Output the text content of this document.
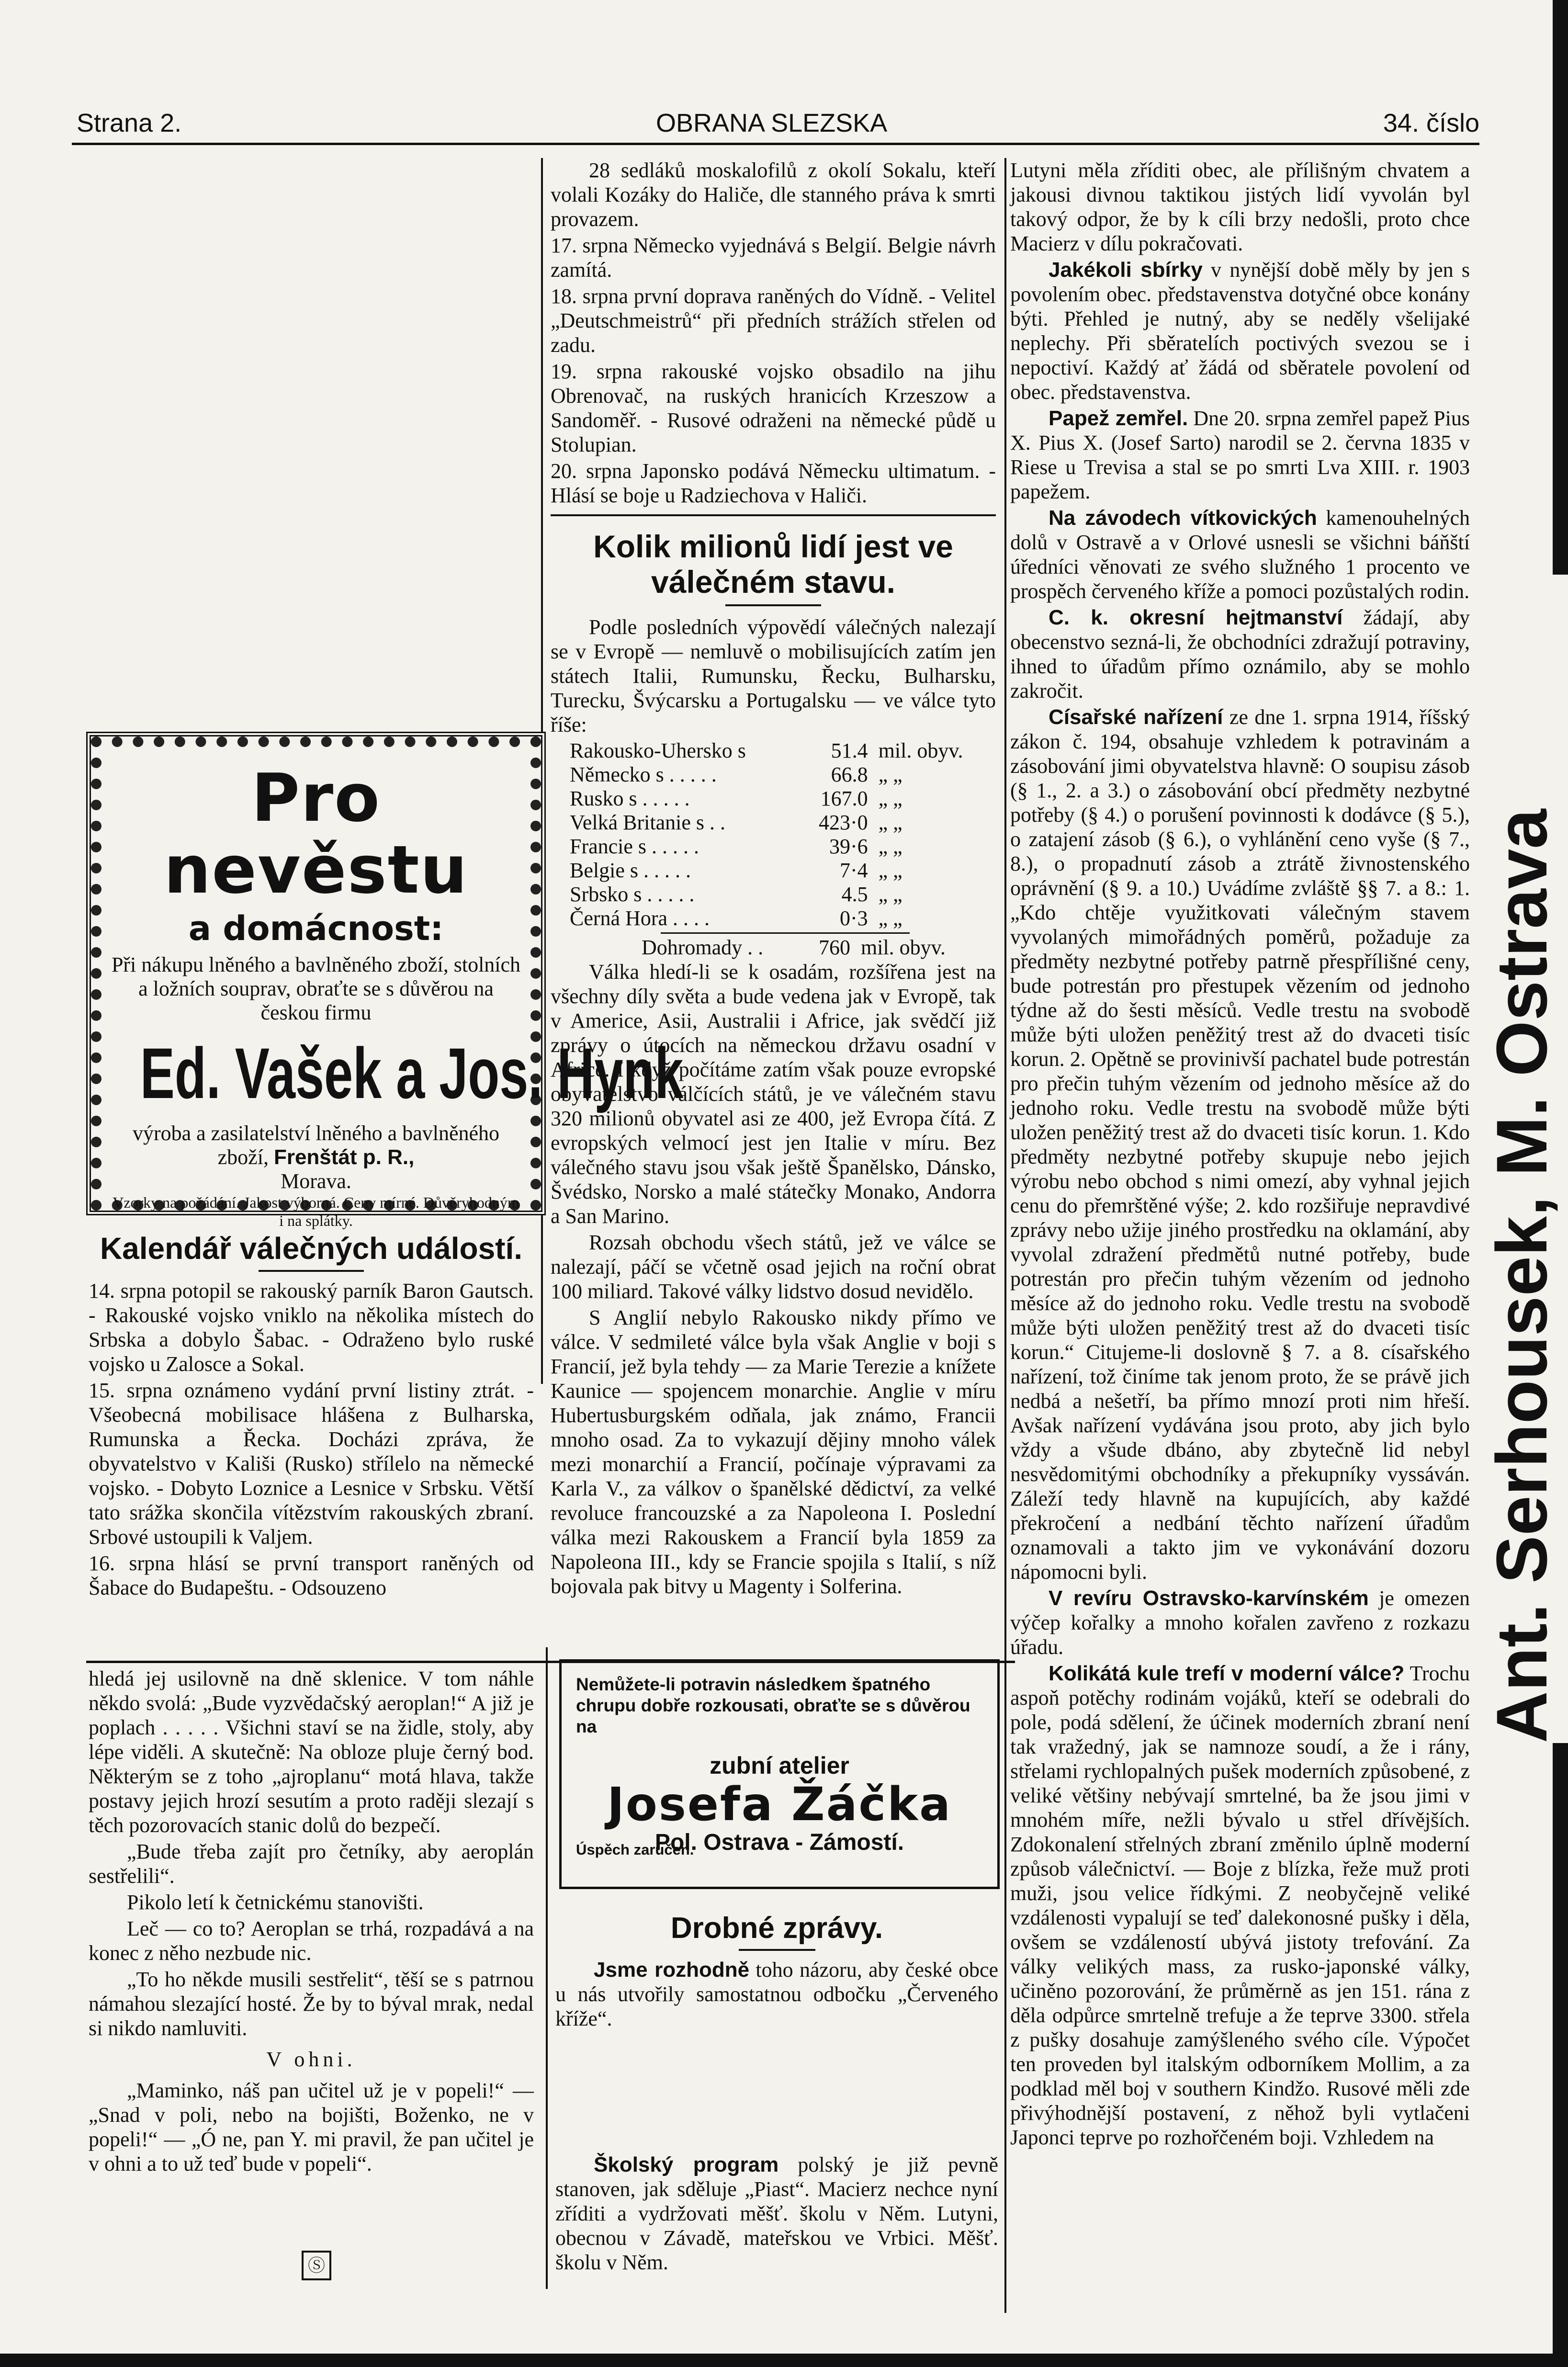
Strana 2.	OBRANA SLEZSKA	34. číslo

28 sedláků moskalofilů z okolí Sokalu, kteří volali Kozáky do Haliče, dle stanného práva k smrti provazem.

17. srpna Německo vyjednává s Belgií. Belgie návrh zamítá.

18. srpna první doprava raněných do Vídně. - Velitel „Deutschmeistrů“ při předních strážích střelen od zadu.

19. srpna rakouské vojsko obsadilo na jihu Obrenovač, na ruských hranicích Krzeszow a Sandoměř. - Rusové odraženi na německé půdě u Stolupian.

20. srpna Japonsko podává Německu ultimatum. - Hlásí se boje u Radziechova v Haliči.

Kolik milionů lidí jest ve válečném stavu.

Podle posledních výpovědí válečných nalezají se v Evropě — nemluvě o mobilisujících zatím jen státech Italii, Rumunsku, Řecku, Bulharsku, Turecku, Švýcarsku a Portugalsku — ve válce tyto říše:

Rakousko-Uhersko s	51.4	mil. obyv.
Německo s . . . . .	66.8	„ „
Rusko s . . . . .	167.0	„ „
Velká Britanie s . .	423·0	„ „
Francie s . . . . .	39·6	„ „
Belgie s . . . . .	7·4	„ „
Srbsko s . . . . .	4.5	„ „
Černá Hora . . . .	0·3	„ „
Dohromady . .	760	mil. obyv.

Válka hledí-li se k osadám, rozšířena jest na všechny díly světa a bude vedena jak v Evropě, tak v Americe, Asii, Australii i Africe, jak svědčí již zprávy o útocích na německou državu osadní v Africe. I když počítáme zatím však pouze evropské obyvatelstvo válčících států, je ve válečném stavu 320 milionů obyvatel asi ze 400, jež Evropa čítá. Z evropských velmocí jest jen Italie v míru. Bez válečného stavu jsou však ještě Španělsko, Dánsko, Švédsko, Norsko a malé státečky Monako, Andorra a San Marino.

Rozsah obchodu všech států, jež ve válce se nalezají, páčí se včetně osad jejich na roční obrat 100 miliard. Takové války lidstvo dosud nevidělo.

S Anglií nebylo Rakousko nikdy přímo ve válce. V sedmileté válce byla však Anglie v boji s Francií, jež byla tehdy — za Marie Terezie a knížete Kaunice — spojencem monarchie. Anglie v míru Hubertusburgském odňala, jak známo, Francii mnoho osad. Za to vykazují dějiny mnoho válek mezi monarchií a Francií, počínaje výpravami za Karla V., za válkov o španělské dědictví, za velké revoluce francouzské a za Napoleona I. Poslední válka mezi Rakouskem a Francií byla 1859 za Napoleona III., kdy se Francie spojila s Italií, s níž bojovala pak bitvy u Magenty i Solferina.

Pro nevěstu
a domácnost:
Při nákupu lněného a bavlněného zboží, stolních a ložních souprav, obraťte se s důvěrou na českou firmu
Ed. Vašek a Jos. Hynk
výroba a zasilatelství lněného a bavlněného zboží, Frenštát p. R.,
Morava.
Vzorky na požádání. Jakost výborná. Ceny mírné. Důvěryhodným i na splátky.
Kalendář válečných událostí.

14. srpna potopil se rakouský parník Baron Gautsch. - Rakouské vojsko vniklo na několika místech do Srbska a dobylo Šabac. - Odraženo bylo ruské vojsko u Zalosce a Sokal.

15. srpna oznámeno vydání první listiny ztrát. - Všeobecná mobilisace hlášena z Bulharska, Rumunska a Řecka. Docházi zpráva, že obyvatelstvo v Kališi (Rusko) střílelo na německé vojsko. - Dobyto Loznice a Lesnice v Srbsku. Větší tato srážka skončila vítězstvím rakouských zbraní. Srbové ustoupili k Valjem.

16. srpna hlásí se první transport raněných od Šabace do Budapeštu. - Odsouzeno

hledá jej usilovně na dně sklenice. V tom náhle někdo svolá: „Bude vyzvědačský aeroplan!“ A již je poplach . . . . . Všichni staví se na židle, stoly, aby lépe viděli. A skutečně: Na obloze pluje černý bod. Některým se z toho „ajroplanu“ motá hlava, takže postavy jejich hrozí sesutím a proto raději slezají s těch pozorovacích stanic dolů do bezpečí.

„Bude třeba zajít pro četníky, aby aeroplán sestřelili“.

Pikolo letí k četnickému stanovišti.

Leč — co to? Aeroplan se trhá, rozpadává a na konec z něho nezbude nic.

„To ho někde musili sestřelit“, těší se s patrnou námahou slezající hosté. Že by to býval mrak, nedal si nikdo namluviti.

V ohni.

„Maminko, náš pan učitel už je v popeli!“ — „Snad v poli, nebo na bojišti, Boženko, ne v popeli!“ — „Ó ne, pan Y. mi pravil, že pan učitel je v ohni a to už teď bude v popeli“.

Ⓢ
Nemůžete-li potravin následkem špatného chrupu dobře rozkousati, obraťte se s důvěrou na
zubní atelier
Josefa Žáčka
Pol. Ostrava - Zámostí.
Úspěch zaručen.
Drobné zprávy.

Jsme rozhodně toho názoru, aby české obce u nás utvořily samostatnou odbočku „Červeného kříže“.

Školský program polský je již pevně stanoven, jak sděluje „Piast“. Macierz nechce nyní zříditi a vydržovati měšť. školu v Něm. Lutyni, obecnou v Závadě, mateřskou ve Vrbici. Měšť. školu v Něm.

Lutyni měla zříditi obec, ale přílišným chvatem a jakousi divnou taktikou jistých lidí vyvolán byl takový odpor, že by k cíli brzy nedošli, proto chce Macierz v dílu pokračovati.

Jakékoli sbírky v nynější době měly by jen s povolením obec. představenstva dotyčné obce konány býti. Přehled je nutný, aby se neděly všelijaké neplechy. Při sběratelích poctivých svezou se i nepoctiví. Každý ať žádá od sběratele povolení od obec. představenstva.

Papež zemřel. Dne 20. srpna zemřel papež Pius X. Pius X. (Josef Sarto) narodil se 2. června 1835 v Riese u Trevisa a stal se po smrti Lva XIII. r. 1903 papežem.

Na závodech vítkovických kamenouhelných dolů v Ostravě a v Orlové usnesli se všichni báňští úředníci věnovati ze svého služného 1 procento ve prospěch červeného kříže a pomoci pozůstalých rodin.

C. k. okresní hejtmanství žádají, aby obecenstvo sezná-li, že obchodníci zdražují potraviny, ihned to úřadům přímo oznámilo, aby se mohlo zakročit.

Císařské nařízení ze dne 1. srpna 1914, říšský zákon č. 194, obsahuje vzhledem k potravinám a zásobování jimi obyvatelstva hlavně: O soupisu zásob (§ 1., 2. a 3.) o zásobování obcí předměty nezbytné potřeby (§ 4.) o porušení povinnosti k dodávce (§ 5.), o zatajení zásob (§ 6.), o vyhlánění ceno vyše (§ 7., 8.), o propadnutí zásob a ztrátě živnostenského oprávnění (§ 9. a 10.) Uvádíme zvláště §§ 7. a 8.: 1. „Kdo chtěje využitkovati válečným stavem vyvolaných mimořádných poměrů, požaduje za předměty nezbytné potřeby patrně přespřílišné ceny, bude potrestán pro přestupek vězením od jednoho týdne až do šesti měsíců. Vedle trestu na svobodě může býti uložen peněžitý trest až do dvaceti tisíc korun. 2. Opětně se provinivší pachatel bude potrestán pro přečin tuhým vězením od jednoho měsíce až do jednoho roku. Vedle trestu na svobodě může býti uložen peněžitý trest až do dvaceti tisíc korun. 1. Kdo předměty nezbytné potřeby skupuje nebo jejich výrobu nebo obchod s nimi omezí, aby vyhnal jejich cenu do přemrštěné výše; 2. kdo rozšiřuje nepravdivé zprávy nebo užije jiného prostředku na oklamání, aby vyvolal zdražení předmětů nutné potřeby, bude potrestán pro přečin tuhým vězením od jednoho měsíce až do jednoho roku. Vedle trestu na svobodě může býti uložen peněžitý trest až do dvaceti tisíc korun.“ Citujeme-li doslovně § 7. a 8. císařského nařízení, tož činíme tak jenom proto, že se právě jich nedbá a nešetří, ba přímo mnozí proti nim hřeší. Avšak nařízení vydávána jsou proto, aby jich bylo vždy a všude dbáno, aby zbytečně lid nebyl nesvědomitými obchodníky a překupníky vyssáván. Záleží tedy hlavně na kupujících, aby každé překročení a nedbání těchto nařízení úřadům oznamovali a takto jim ve vykonávání dozoru nápomocni byli.

V revíru Ostravsko-karvínském je omezen výčep kořalky a mnoho kořalen zavřeno z rozkazu úřadu.

Kolikátá kule trefí v moderní válce? Trochu aspoň potěchy rodinám vojáků, kteří se odebrali do pole, podá sdělení, že účinek moderních zbraní není tak vražedný, jak se namnoze soudí, a že i rány, střelami rychlopalných pušek moderních způsobené, z veliké většiny nebývají smrtelné, ba že jsou jimi v mnohém míře, nežli bývalo u střel dřívějších. Zdokonalení střelných zbraní změnilo úplně moderní způsob válečnictví. — Boje z blízka, řeže muž proti muži, jsou velice řídkými. Z neobyčejně veliké vzdálenosti vypalují se teď dalekonosné pušky i děla, ovšem se vzdáleností ubývá jistoty trefování. Za války velikých mass, za rusko-japonské války, učiněno pozorování, že průměrně as jen 151. rána z děla odpůrce smrtelně trefuje a že teprve 3300. střela z pušky dosahuje zamýšleného svého cíle. Výpočet ten proveden byl italským odborníkem Mollim, a za podklad měl boj v southern Kindžo. Rusové měli zde přivýhodnější postavení, z něhož byli vytlačeni Japonci teprve po rozhořčeném boji. Vzhledem na

Ant. Serhousek, M. Ostrava
